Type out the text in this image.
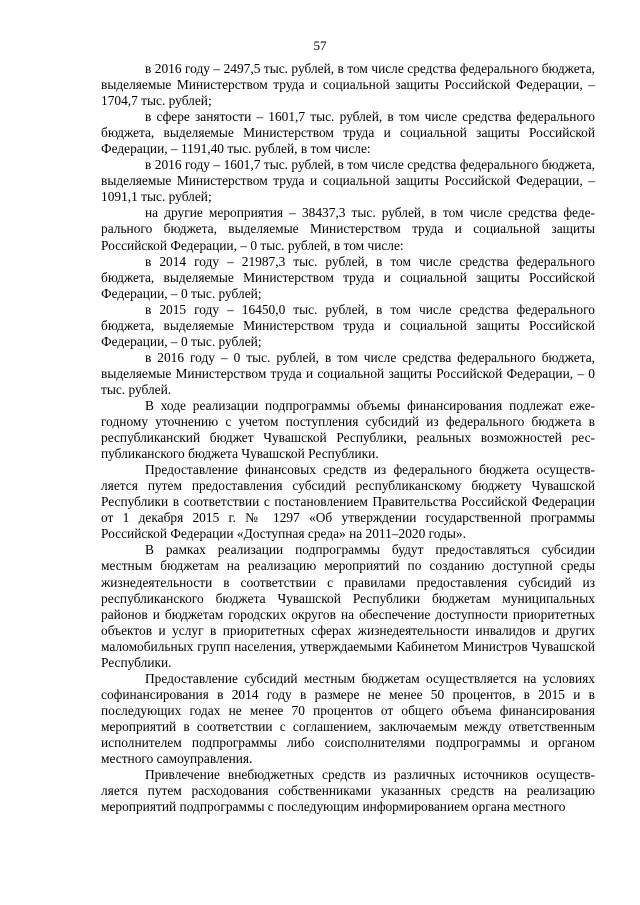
57

в 2016 году – 2497,5 тыс. рублей, в том числе средства федерального бюджета, выделяемые Министерством труда и социальной защиты Российской Федерации, – 1704,7 тыс. рублей;

в сфере занятости – 1601,7 тыс. рублей, в том числе средства федерального бюджета, выделяемые Министерством труда и социальной защиты Российской Федерации, – 1191,40 тыс. рублей, в том числе:

в 2016 году – 1601,7 тыс. рублей, в том числе средства федерального бюджета, выделяемые Министерством труда и социальной защиты Российской Федерации, – 1091,1 тыс. рублей;

на другие мероприятия – 38437,3 тыс. рублей, в том числе средства федерального бюджета, выделяемые Министерством труда и социальной защиты Российской Федерации, – 0 тыс. рублей, в том числе:

в 2014 году – 21987,3 тыс. рублей, в том числе средства федерального бюджета, выделяемые Министерством труда и социальной защиты Российской Федерации, – 0 тыс. рублей;

в 2015 году – 16450,0 тыс. рублей, в том числе средства федерального бюджета, выделяемые Министерством труда и социальной защиты Российской Федерации, – 0 тыс. рублей;

в 2016 году – 0 тыс. рублей, в том числе средства федерального бюджета, выделяемые Министерством труда и социальной защиты Российской Федерации, – 0 тыс. рублей.

В ходе реализации подпрограммы объемы финансирования подлежат ежегодному уточнению с учетом поступления субсидий из федерального бюджета в республиканский бюджет Чувашской Республики, реальных возможностей республиканского бюджета Чувашской Республики.

Предоставление финансовых средств из федерального бюджета осуществляется путем предоставления субсидий республиканскому бюджету Чувашской Республики в соответствии с постановлением Правительства Российской Федерации от 1 декабря 2015 г. № 1297 «Об утверждении государственной программы Российской Федерации «Доступная среда» на 2011–2020 годы».

В рамках реализации подпрограммы будут предоставляться субсидии местным бюджетам на реализацию мероприятий по созданию доступной среды жизнедеятельности в соответствии с правилами предоставления субсидий из республиканского бюджета Чувашской Республики бюджетам муниципальных районов и бюджетам городских округов на обеспечение доступности приоритетных объектов и услуг в приоритетных сферах жизнедеятельности инвалидов и других маломобильных групп населения, утверждаемыми Кабинетом Министров Чувашской Республики.

Предоставление субсидий местным бюджетам осуществляется на условиях софинансирования в 2014 году в размере не менее 50 процентов, в 2015 и в последующих годах не менее 70 процентов от общего объема финансирования мероприятий в соответствии с соглашением, заключаемым между ответственным исполнителем подпрограммы либо соисполнителями подпрограммы и органом местного самоуправления.

Привлечение внебюджетных средств из различных источников осуществляется путем расходования собственниками указанных средств на реализацию мероприятий подпрограммы с последующим информированием органа местного
